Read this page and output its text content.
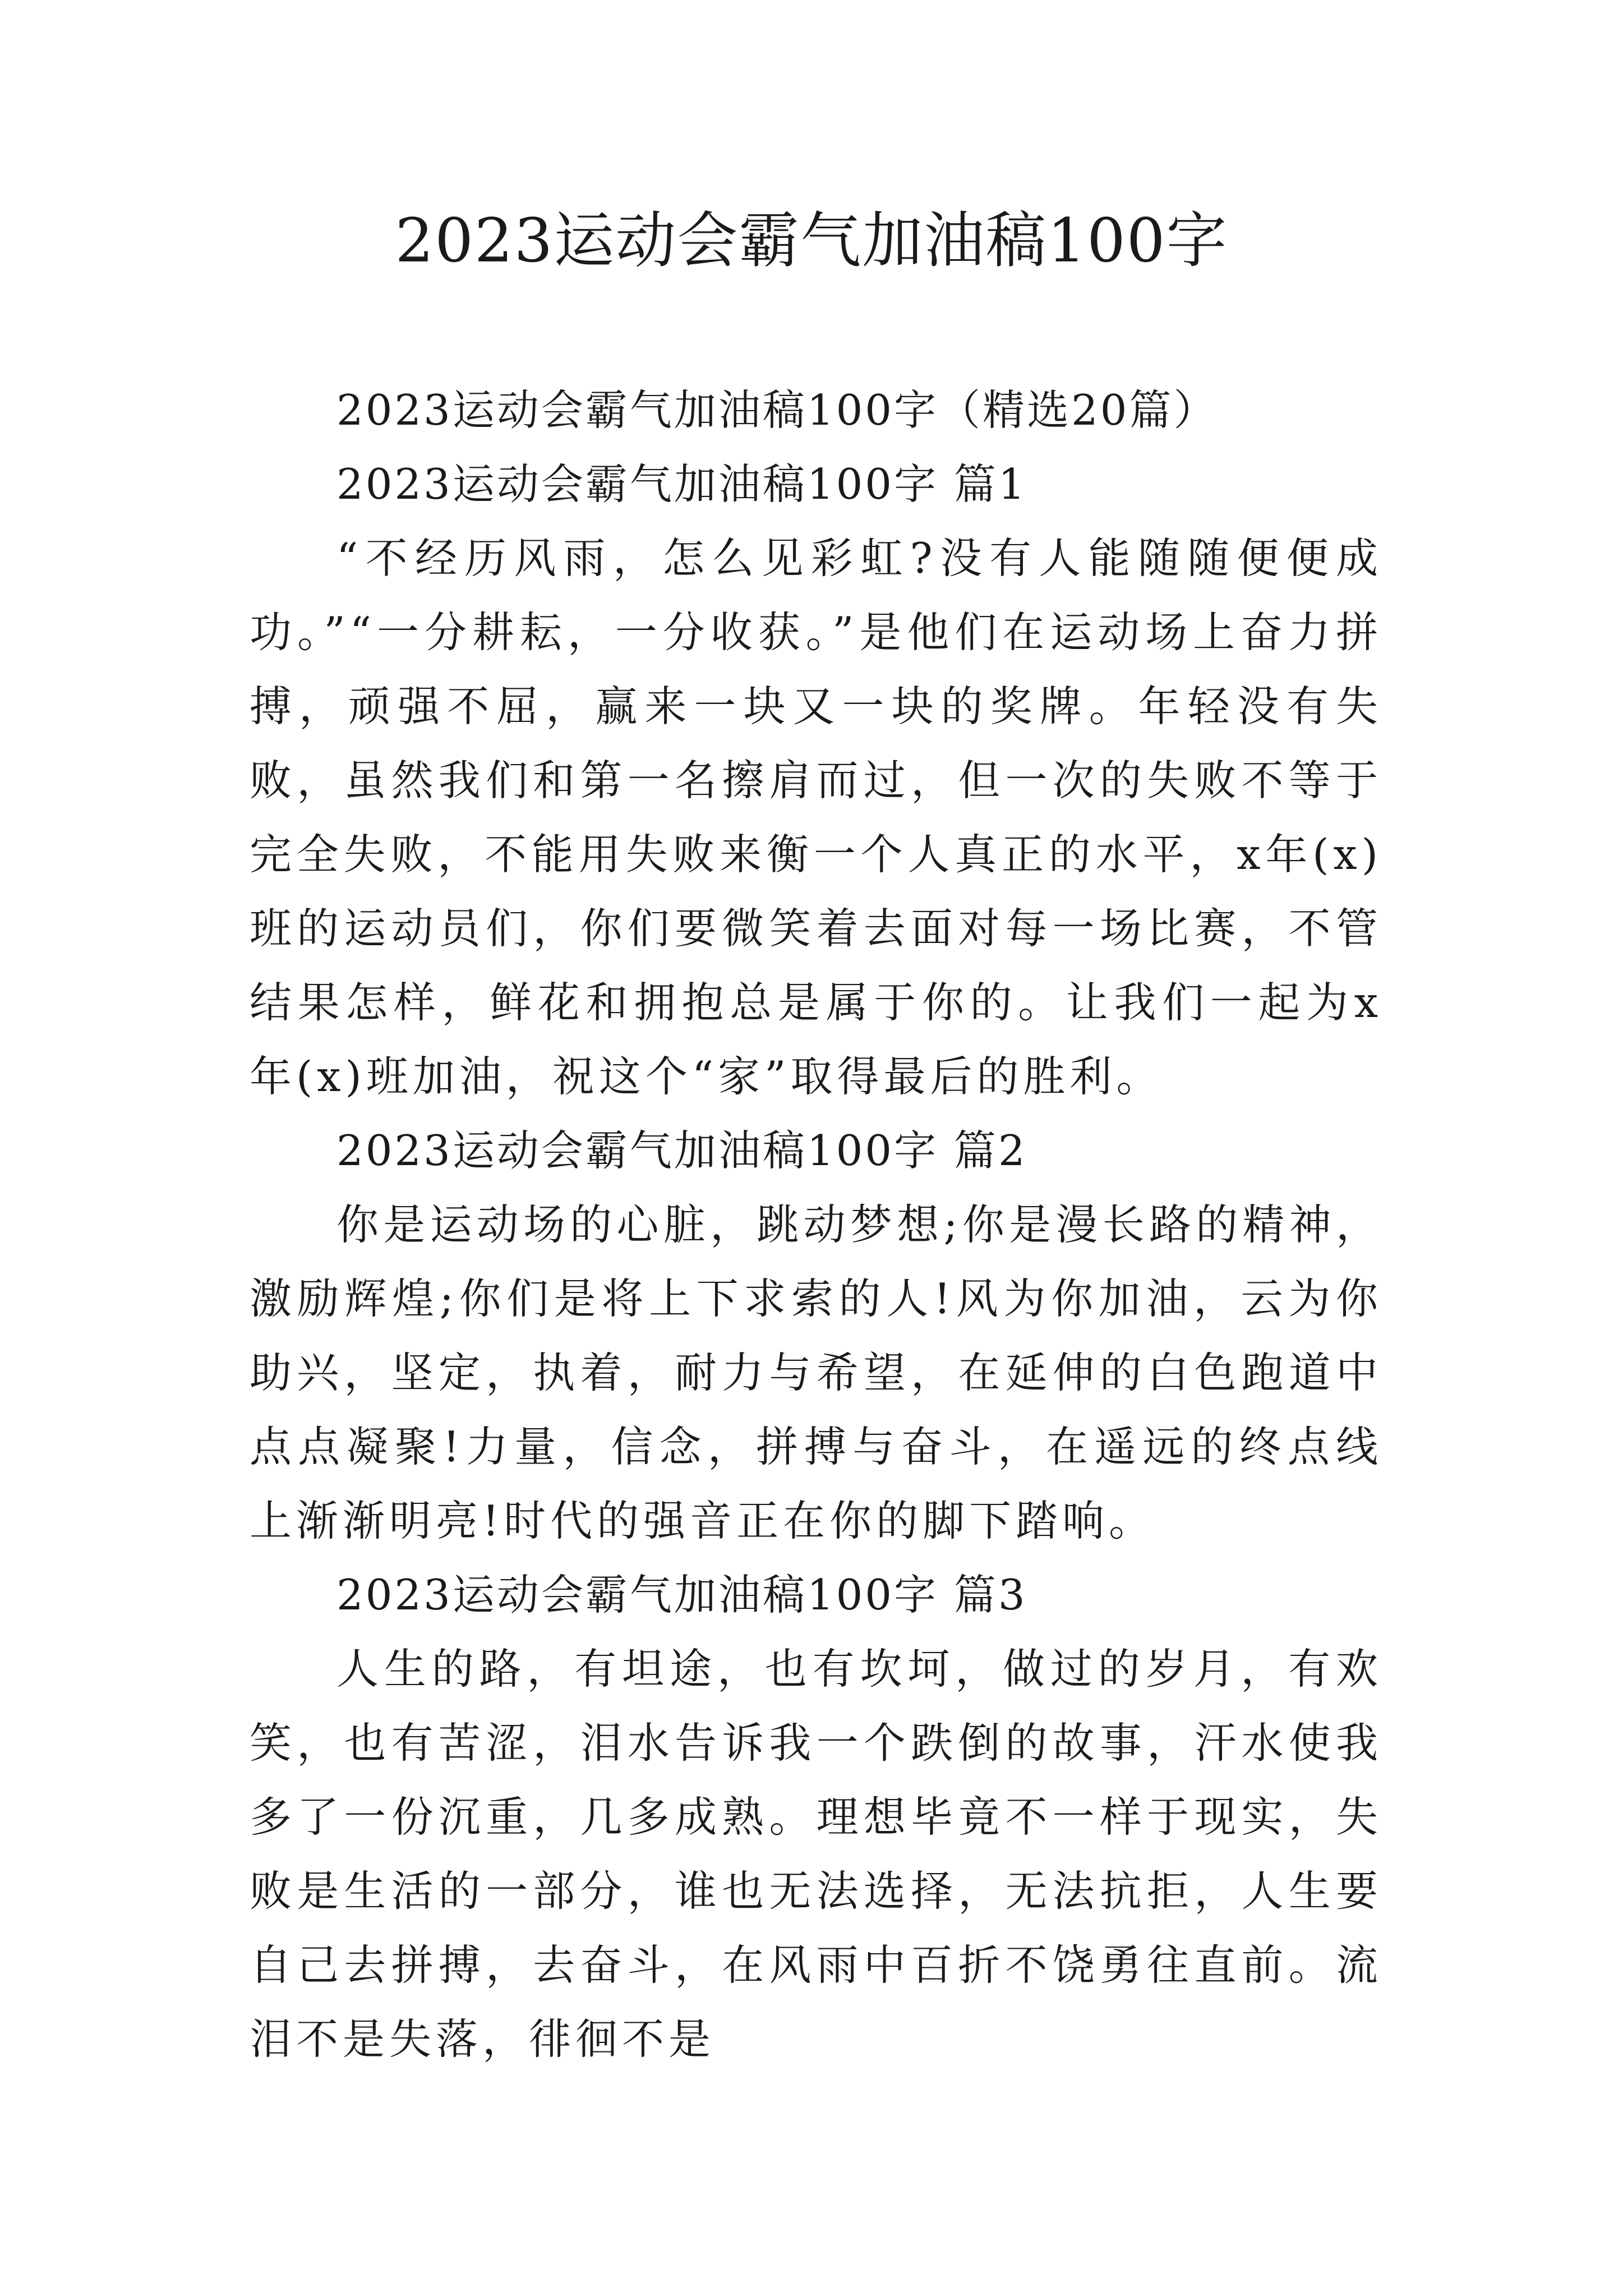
2023运动会霸气加油稿100字

2023运动会霸气加油稿100字（精选20篇）

2023运动会霸气加油稿100字 篇1

“不经历风雨，怎么见彩虹?没有人能随随便便成功。”“一分耕耘，一分收获。”是他们在运动场上奋力拼搏，顽强不屈，赢来一块又一块的奖牌。年轻没有失败，虽然我们和第一名擦肩而过，但一次的失败不等于完全失败，不能用失败来衡一个人真正的水平，x年(x)班的运动员们，你们要微笑着去面对每一场比赛，不管结果怎样，鲜花和拥抱总是属于你的。让我们一起为x年(x)班加油，祝这个“家”取得最后的胜利。

2023运动会霸气加油稿100字 篇2

你是运动场的心脏，跳动梦想;你是漫长路的精神，激励辉煌;你们是将上下求索的人!风为你加油，云为你助兴，坚定，执着，耐力与希望，在延伸的白色跑道中点点凝聚!力量，信念，拼搏与奋斗，在遥远的终点线上渐渐明亮!时代的强音正在你的脚下踏响。

2023运动会霸气加油稿100字 篇3

人生的路，有坦途，也有坎坷，做过的岁月，有欢笑，也有苦涩，泪水告诉我一个跌倒的故事，汗水使我多了一份沉重，几多成熟。理想毕竟不一样于现实，失败是生活的一部分，谁也无法选择，无法抗拒，人生要自己去拼搏，去奋斗，在风雨中百折不饶勇往直前。流泪不是失落，徘徊不是
